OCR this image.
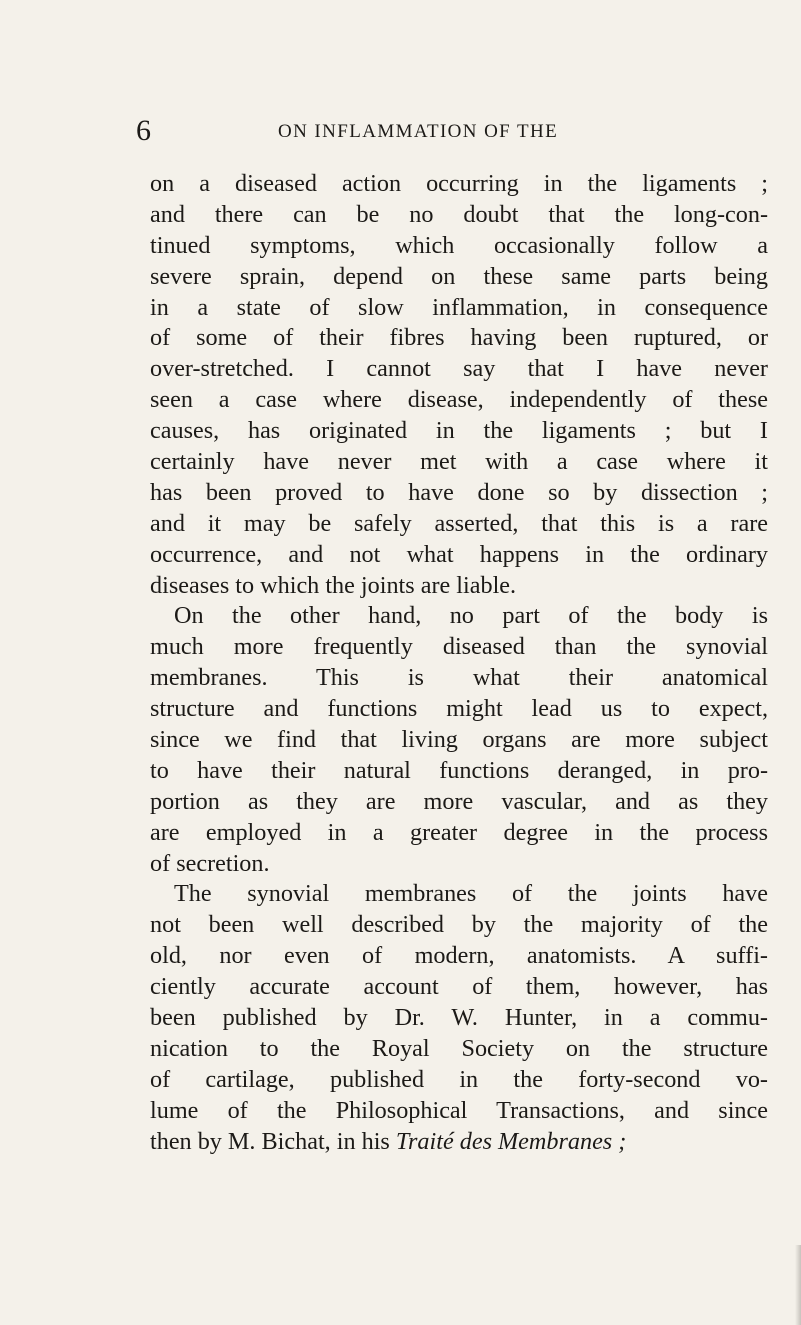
6	ON INFLAMMATION OF THE
on a diseased action occurring in the ligaments ;
and there can be no doubt that the long-con-
tinued symptoms, which occasionally follow a
severe sprain, depend on these same parts being
in a state of slow inflammation, in consequence
of some of their fibres having been ruptured, or
over-stretched. I cannot say that I have never
seen a case where disease, independently of these
causes, has originated in the ligaments ; but I
certainly have never met with a case where it
has been proved to have done so by dissection ;
and it may be safely asserted, that this is a rare
occurrence, and not what happens in the ordinary
diseases to which the joints are liable.
On the other hand, no part of the body is
much more frequently diseased than the synovial
membranes. This is what their anatomical
structure and functions might lead us to expect,
since we find that living organs are more subject
to have their natural functions deranged, in pro-
portion as they are more vascular, and as they
are employed in a greater degree in the process
of secretion.
The synovial membranes of the joints have
not been well described by the majority of the
old, nor even of modern, anatomists. A suffi-
ciently accurate account of them, however, has
been published by Dr. W. Hunter, in a commu-
nication to the Royal Society on the structure
of cartilage, published in the forty-second vo-
lume of the Philosophical Transactions, and since
then by M. Bichat, in his Traité des Membranes ;
